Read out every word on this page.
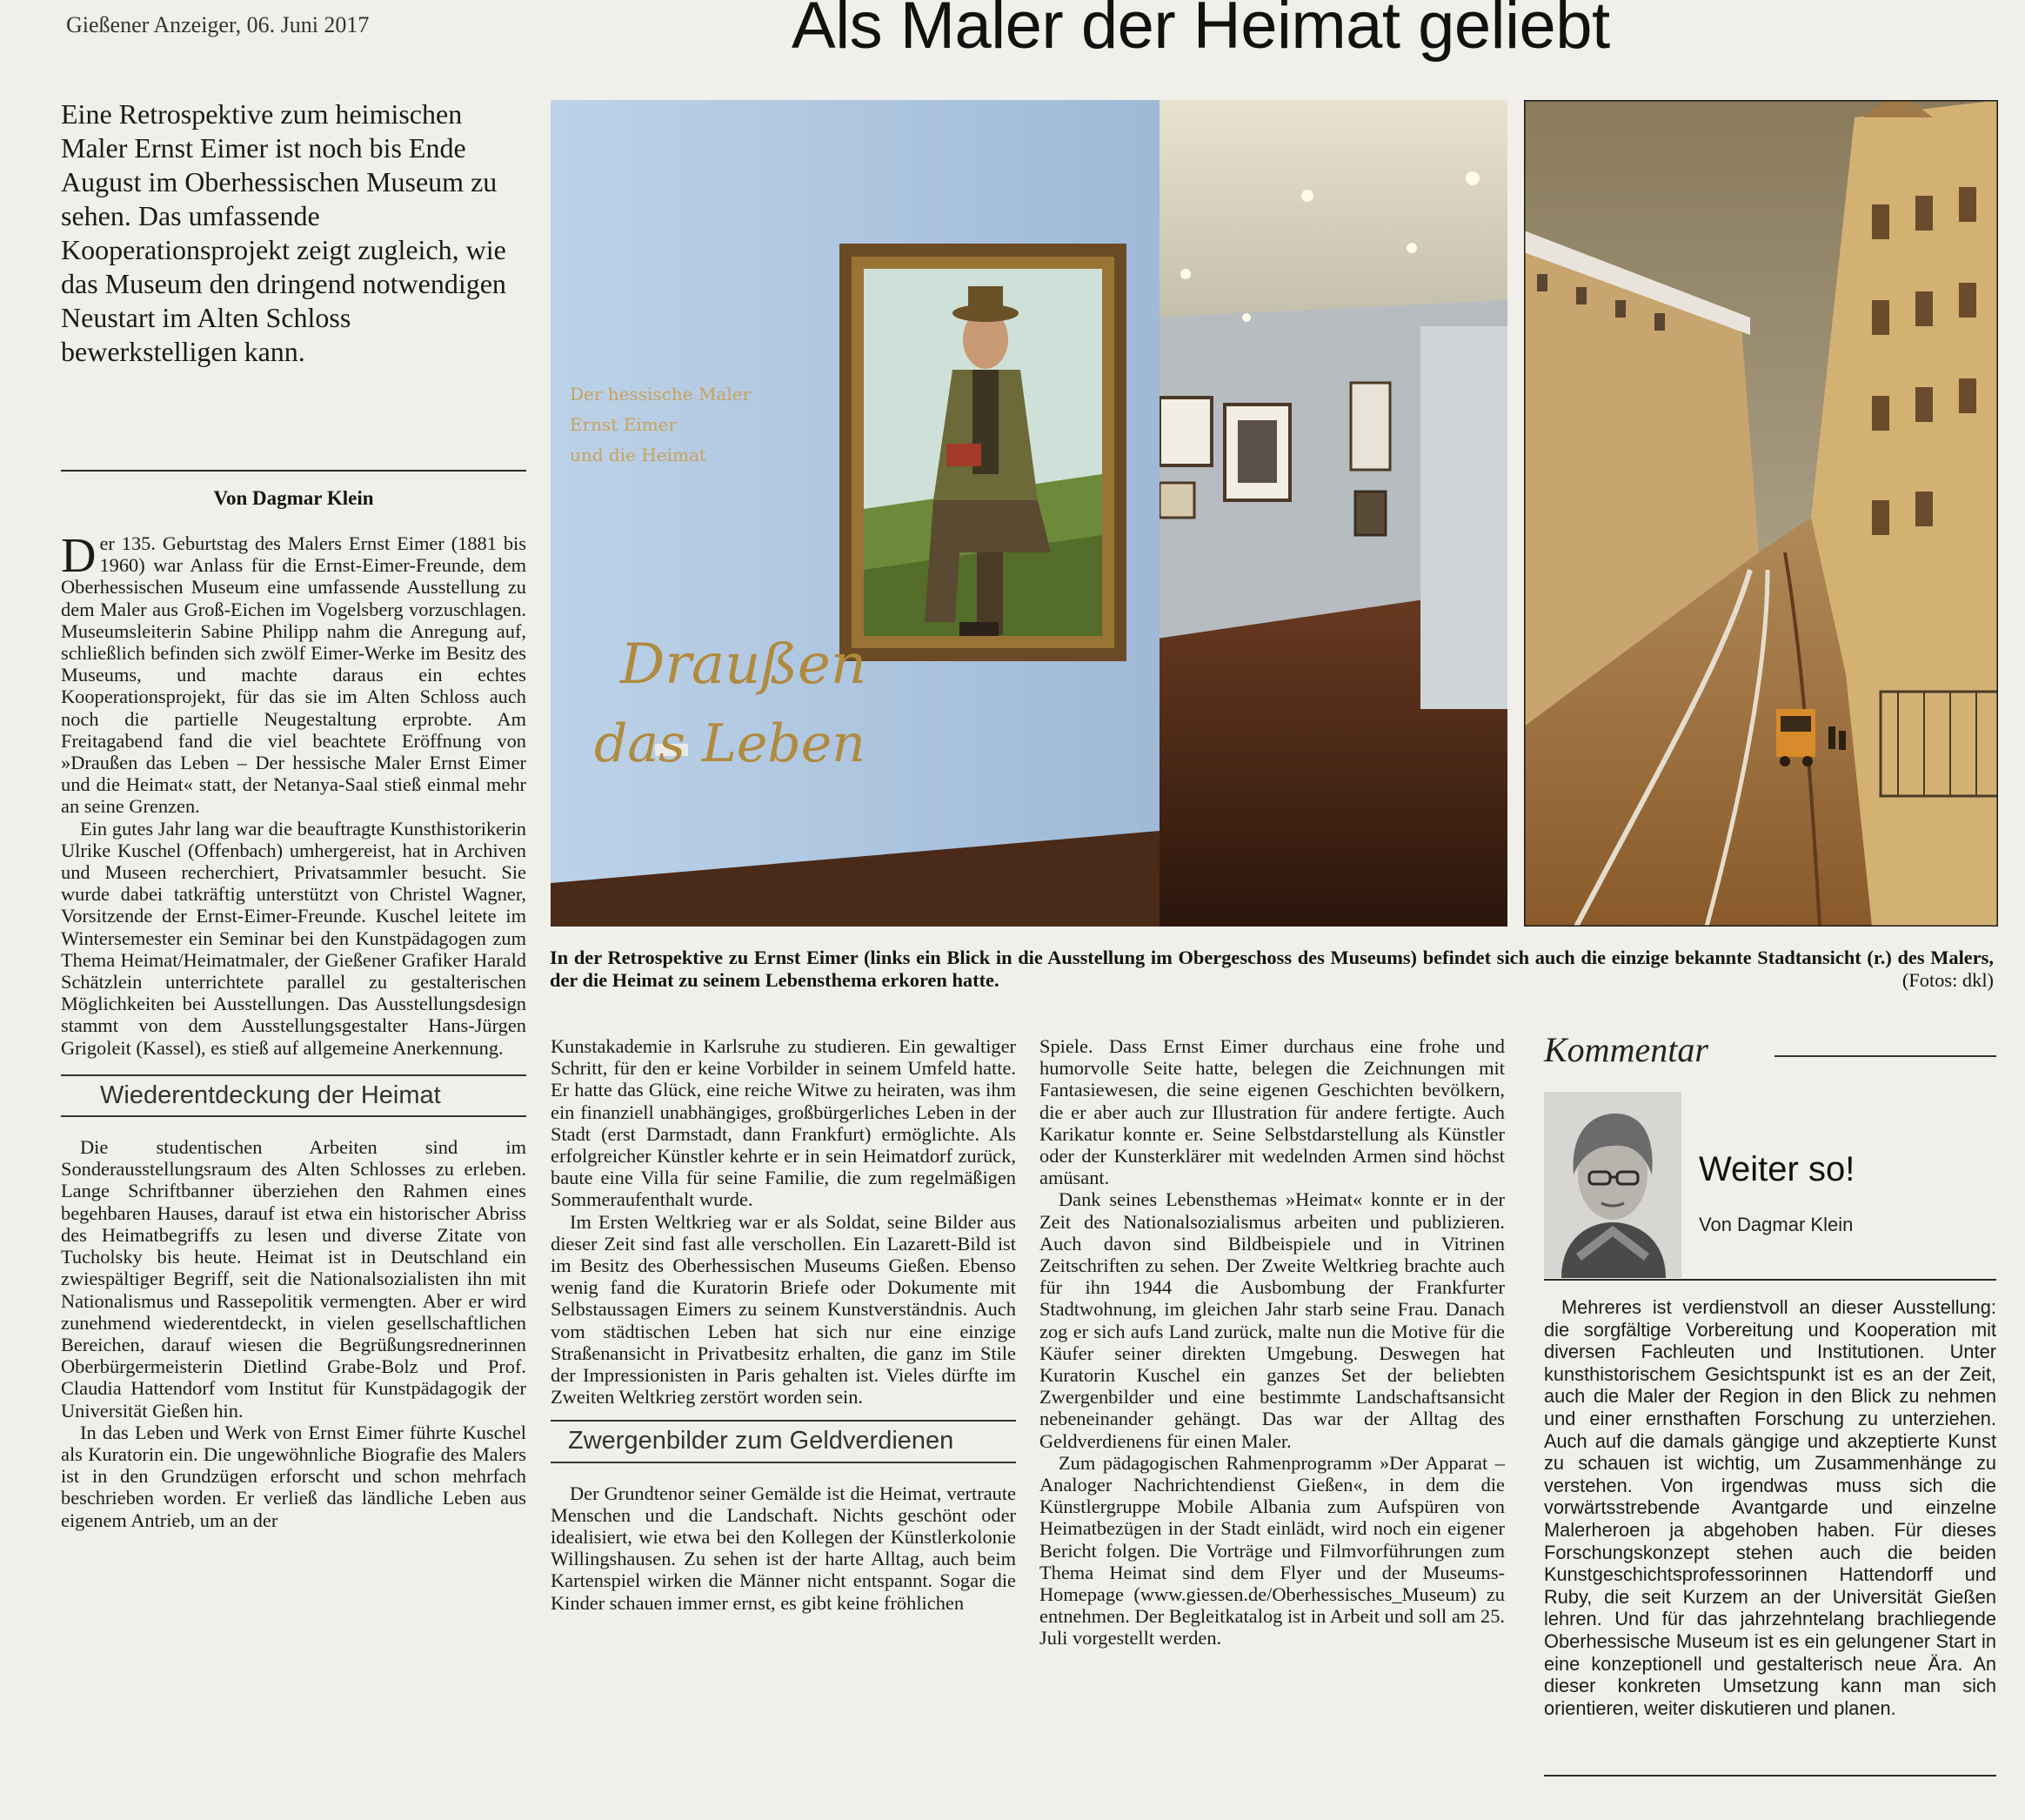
Gießener Anzeiger, 06. Juni 2017	Als Maler der Heimat geliebt
Eine Retrospektive zum heimischen Maler Ernst Eimer ist noch bis Ende August im Oberhessischen Museum zu sehen. Das umfassende Kooperationsprojekt zeigt zugleich, wie das Museum den dringend notwendigen Neustart im Alten Schloss bewerkstelligen kann.
Von Dagmar Klein

Der 135. Geburtstag des Malers Ernst Eimer (1881 bis 1960) war Anlass für die Ernst-Eimer-Freunde, dem Oberhessischen Museum eine umfassende Ausstellung zu dem Maler aus Groß-Eichen im Vogelsberg vorzuschlagen. Museumsleiterin Sabine Philipp nahm die Anregung auf, schließlich befinden sich zwölf Eimer-Werke im Besitz des Museums, und machte daraus ein echtes Kooperationsprojekt, für das sie im Alten Schloss auch noch die partielle Neugestaltung erprobte. Am Freitagabend fand die viel beachtete Eröffnung von »Draußen das Leben – Der hessische Maler Ernst Eimer und die Heimat« statt, der Netanya-Saal stieß einmal mehr an seine Grenzen.

Ein gutes Jahr lang war die beauftragte Kunsthistorikerin Ulrike Kuschel (Offenbach) umhergereist, hat in Archiven und Museen recherchiert, Privatsammler besucht. Sie wurde dabei tatkräftig unterstützt von Christel Wagner, Vorsitzende der Ernst-Eimer-Freunde. Kuschel leitete im Wintersemester ein Seminar bei den Kunstpädagogen zum Thema Heimat/Heimatmaler, der Gießener Grafiker Harald Schätzlein unterrichtete parallel zu gestalterischen Möglichkeiten bei Ausstellungen. Das Ausstellungsdesign stammt von dem Ausstellungsgestalter Hans-Jürgen Grigoleit (Kassel), es stieß auf allgemeine Anerkennung.

Wiederentdeckung der Heimat

Die studentischen Arbeiten sind im Sonderausstellungsraum des Alten Schlosses zu erleben. Lange Schriftbanner überziehen den Rahmen eines begehbaren Hauses, darauf ist etwa ein historischer Abriss des Heimatbegriffs zu lesen und diverse Zitate von Tucholsky bis heute. Heimat ist in Deutschland ein zwiespältiger Begriff, seit die Nationalsozialisten ihn mit Nationalismus und Rassepolitik vermengten. Aber er wird zunehmend wiederentdeckt, in vielen gesellschaftlichen Bereichen, darauf wiesen die Begrüßungsrednerinnen Oberbürgermeisterin Dietlind Grabe-Bolz und Prof. Claudia Hattendorf vom Institut für Kunstpädagogik der Universität Gießen hin.

In das Leben und Werk von Ernst Eimer führte Kuschel als Kuratorin ein. Die ungewöhnliche Biografie des Malers ist in den Grundzügen erforscht und schon mehrfach beschrieben worden. Er verließ das ländliche Leben aus eigenem Antrieb, um an der

Kunstakademie in Karlsruhe zu studieren. Ein gewaltiger Schritt, für den er keine Vorbilder in seinem Umfeld hatte. Er hatte das Glück, eine reiche Witwe zu heiraten, was ihm ein finanziell unabhängiges, großbürgerliches Leben in der Stadt (erst Darmstadt, dann Frankfurt) ermöglichte. Als erfolgreicher Künstler kehrte er in sein Heimatdorf zurück, baute eine Villa für seine Familie, die zum regelmäßigen Sommeraufenthalt wurde.

Im Ersten Weltkrieg war er als Soldat, seine Bilder aus dieser Zeit sind fast alle verschollen. Ein Lazarett-Bild ist im Besitz des Oberhessischen Museums Gießen. Ebenso wenig fand die Kuratorin Briefe oder Dokumente mit Selbstaussagen Eimers zu seinem Kunstverständnis. Auch vom städtischen Leben hat sich nur eine einzige Straßenansicht in Privatbesitz erhalten, die ganz im Stile der Impressionisten in Paris gehalten ist. Vieles dürfte im Zweiten Weltkrieg zerstört worden sein.

Zwergenbilder zum Geldverdienen

Der Grundtenor seiner Gemälde ist die Heimat, vertraute Menschen und die Landschaft. Nichts geschönt oder idealisiert, wie etwa bei den Kollegen der Künstlerkolonie Willingshausen. Zu sehen ist der harte Alltag, auch beim Kartenspiel wirken die Männer nicht entspannt. Sogar die Kinder schauen immer ernst, es gibt keine fröhlichen

Spiele. Dass Ernst Eimer durchaus eine frohe und humorvolle Seite hatte, belegen die Zeichnungen mit Fantasiewesen, die seine eigenen Geschichten bevölkern, die er aber auch zur Illustration für andere fertigte. Auch Karikatur konnte er. Seine Selbstdarstellung als Künstler oder der Kunsterklärer mit wedelnden Armen sind höchst amüsant.

Dank seines Lebensthemas »Heimat« konnte er in der Zeit des Nationalsozialismus arbeiten und publizieren. Auch davon sind Bildbeispiele und in Vitrinen Zeitschriften zu sehen. Der Zweite Weltkrieg brachte auch für ihn 1944 die Ausbombung der Frankfurter Stadtwohnung, im gleichen Jahr starb seine Frau. Danach zog er sich aufs Land zurück, malte nun die Motive für die Käufer seiner direkten Umgebung. Deswegen hat Kuratorin Kuschel ein ganzes Set der beliebten Zwergenbilder und eine bestimmte Landschaftsansicht nebeneinander gehängt. Das war der Alltag des Geldverdienens für einen Maler.

Zum pädagogischen Rahmenprogramm »Der Apparat – Analoger Nachrichtendienst Gießen«, in dem die Künstlergruppe Mobile Albania zum Aufspüren von Heimatbezügen in der Stadt einlädt, wird noch ein eigener Bericht folgen. Die Vorträge und Filmvorführungen zum Thema Heimat sind dem Flyer und der Museums-Homepage (www.giessen.de/Oberhessisches_Museum) zu entnehmen. Der Begleitkatalog ist in Arbeit und soll am 25. Juli vorgestellt werden.

Der hessische Maler
Ernst Eimer
und die Heimat
Draußen
das Leben
In der Retrospektive zu Ernst Eimer (links ein Blick in die Ausstellung im Obergeschoss des Museums) befindet sich auch die einzige bekannte Stadtansicht (r.) des Malers, der die Heimat zu seinem Lebensthema erkoren hatte.	(Fotos: dkl)
Kommentar
Weiter so!
Von Dagmar Klein

Mehreres ist verdienstvoll an dieser Ausstellung: die sorgfältige Vorbereitung und Kooperation mit diversen Fachleuten und Institutionen. Unter kunsthistorischem Gesichtspunkt ist es an der Zeit, auch die Maler der Region in den Blick zu nehmen und einer ernsthaften Forschung zu unterziehen. Auch auf die damals gängige und akzeptierte Kunst zu schauen ist wichtig, um Zusammenhänge zu verstehen. Von irgendwas muss sich die vorwärtsstrebende Avantgarde und einzelne Malerheroen ja abgehoben haben. Für dieses Forschungskonzept stehen auch die beiden Kunstgeschichtsprofessorinnen Hattendorff und Ruby, die seit Kurzem an der Universität Gießen lehren. Und für das jahrzehntelang brachliegende Oberhessische Museum ist es ein gelungener Start in eine konzeptionell und gestalterisch neue Ära. An dieser konkreten Umsetzung kann man sich orientieren, weiter diskutieren und planen.
